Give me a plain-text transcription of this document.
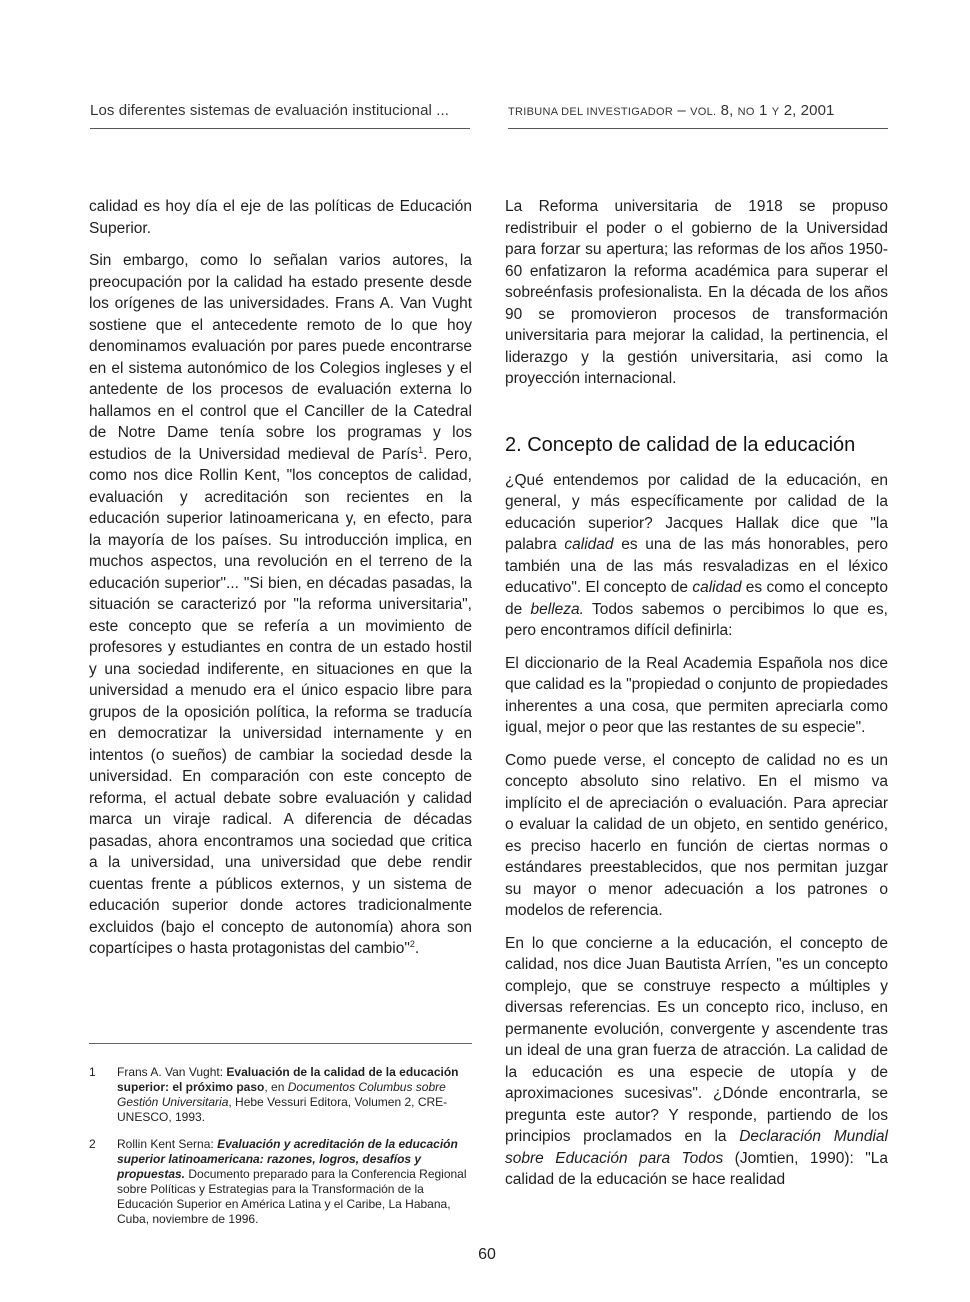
Los diferentes sistemas de evaluación institucional ...	TRIBUNA DEL INVESTIGADOR – VOL. 8, NO 1 Y 2, 2001

calidad es hoy día el eje de las políticas de Educación Superior.

Sin embargo, como lo señalan varios autores, la preocupación por la calidad ha estado presente desde los orígenes de las universidades. Frans A. Van Vught sostiene que el antecedente remoto de lo que hoy denominamos evaluación por pares puede encontrarse en el sistema autonómico de los Colegios ingleses y el antedente de los procesos de evaluación externa lo hallamos en el control que el Canciller de la Catedral de Notre Dame tenía sobre los programas y los estudios de la Universidad medieval de París$^1$. Pero, como nos dice Rollin Kent, "los conceptos de calidad, evaluación y acreditación son recientes en la educación superior latinoamericana y, en efecto, para la mayoría de los países. Su introducción implica, en muchos aspectos, una revolución en el terreno de la educación superior"... "Si bien, en décadas pasadas, la situación se caracterizó por "la reforma universitaria", este concepto que se refería a un movimiento de profesores y estudiantes en contra de un estado hostil y una sociedad indiferente, en situaciones en que la universidad a menudo era el único espacio libre para grupos de la oposición política, la reforma se traducía en democratizar la universidad internamente y en intentos (o sueños) de cambiar la sociedad desde la universidad. En comparación con este concepto de reforma, el actual debate sobre evaluación y calidad marca un viraje radical. A diferencia de décadas pasadas, ahora encontramos una sociedad que critica a la universidad, una universidad que debe rendir cuentas frente a públicos externos, y un sistema de educación superior donde actores tradicionalmente excluidos (bajo el concepto de autonomía) ahora son copartícipes o hasta protagonistas del cambio"$^2$.

1	Frans A. Van Vught: Evaluación de la calidad de la educación superior: el próximo paso, en Documentos Columbus sobre Gestión Universitaria, Hebe Vessuri Editora, Volumen 2, CRE-UNESCO, 1993.
2	Rollin Kent Serna: Evaluación y acreditación de la educación superior latinoamericana: razones, logros, desafíos y propuestas. Documento preparado para la Conferencia Regional sobre Políticas y Estrategias para la Transformación de la Educación Superior en América Latina y el Caribe, La Habana, Cuba, noviembre de 1996.

La Reforma universitaria de 1918 se propuso redistribuir el poder o el gobierno de la Universidad para forzar su apertura; las reformas de los años 1950-60 enfatizaron la reforma académica para superar el sobreénfasis profesionalista. En la década de los años 90 se promovieron procesos de transformación universitaria para mejorar la calidad, la pertinencia, el liderazgo y la gestión universitaria, asi como la proyección internacional.

2. Concepto de calidad de la educación

¿Qué entendemos por calidad de la educación, en general, y más específicamente por calidad de la educación superior? Jacques Hallak dice que "la palabra calidad es una de las más honorables, pero también una de las más resvaladizas en el léxico educativo". El concepto de calidad es como el concepto de belleza. Todos sabemos o percibimos lo que es, pero encontramos difícil definirla:

El diccionario de la Real Academia Española nos dice que calidad es la "propiedad o conjunto de propiedades inherentes a una cosa, que permiten apreciarla como igual, mejor o peor que las restantes de su especie".

Como puede verse, el concepto de calidad no es un concepto absoluto sino relativo. En el mismo va implícito el de apreciación o evaluación. Para apreciar o evaluar la calidad de un objeto, en sentido genérico, es preciso hacerlo en función de ciertas normas o estándares preestablecidos, que nos permitan juzgar su mayor o menor adecuación a los patrones o modelos de referencia.

En lo que concierne a la educación, el concepto de calidad, nos dice Juan Bautista Arríen, "es un concepto complejo, que se construye respecto a múltiples y diversas referencias. Es un concepto rico, incluso, en permanente evolución, convergente y ascendente tras un ideal de una gran fuerza de atracción. La calidad de la educación es una especie de utopía y de aproximaciones sucesivas". ¿Dónde encontrarla, se pregunta este autor? Y responde, partiendo de los principios proclamados en la Declaración Mundial sobre Educación para Todos (Jomtien, 1990): "La calidad de la educación se hace realidad

60
